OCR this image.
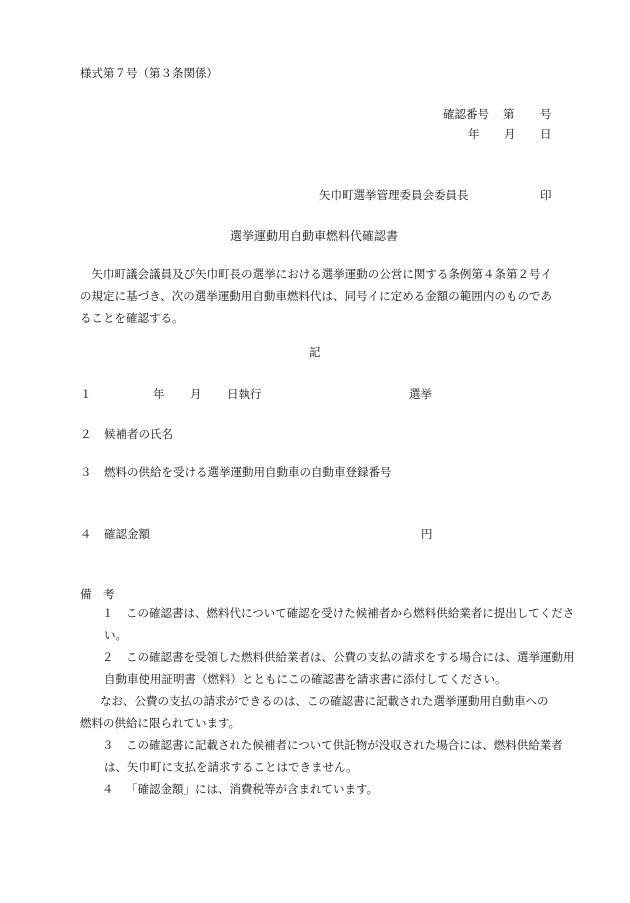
様式第７号（第３条関係）
確認番号 第 号
年 月 日
矢巾町選挙管理委員会委員長	印
選挙運動用自動車燃料代確認書
　矢巾町議会議員及び矢巾町長の選挙における選挙運動の公営に関する条例第４条第２号イの規定に基づき、次の選挙運動用自動車燃料代は、同号イに定める金額の範囲内のものであることを確認する。
記
１	年 月 日執行	選挙
２ 候補者の氏名
３ 燃料の供給を受ける選挙運動用自動車の自動車登録番号
４ 確認金額	円
備　考
１ この確認書は、燃料代について確認を受けた候補者から燃料供給業者に提出してください。
２ この確認書を受領した燃料供給業者は、公費の支払の請求をする場合には、選挙運動用自動車使用証明書（燃料）とともにこの確認書を請求書に添付してください。
なお、公費の支払の請求ができるのは、この確認書に記載された選挙運動用自動車への燃料の供給に限られています。
３ この確認書に記載された候補者について供託物が没収された場合には、燃料供給業者は、矢巾町に支払を請求することはできません。
４ 「確認金額」には、消費税等が含まれています。
